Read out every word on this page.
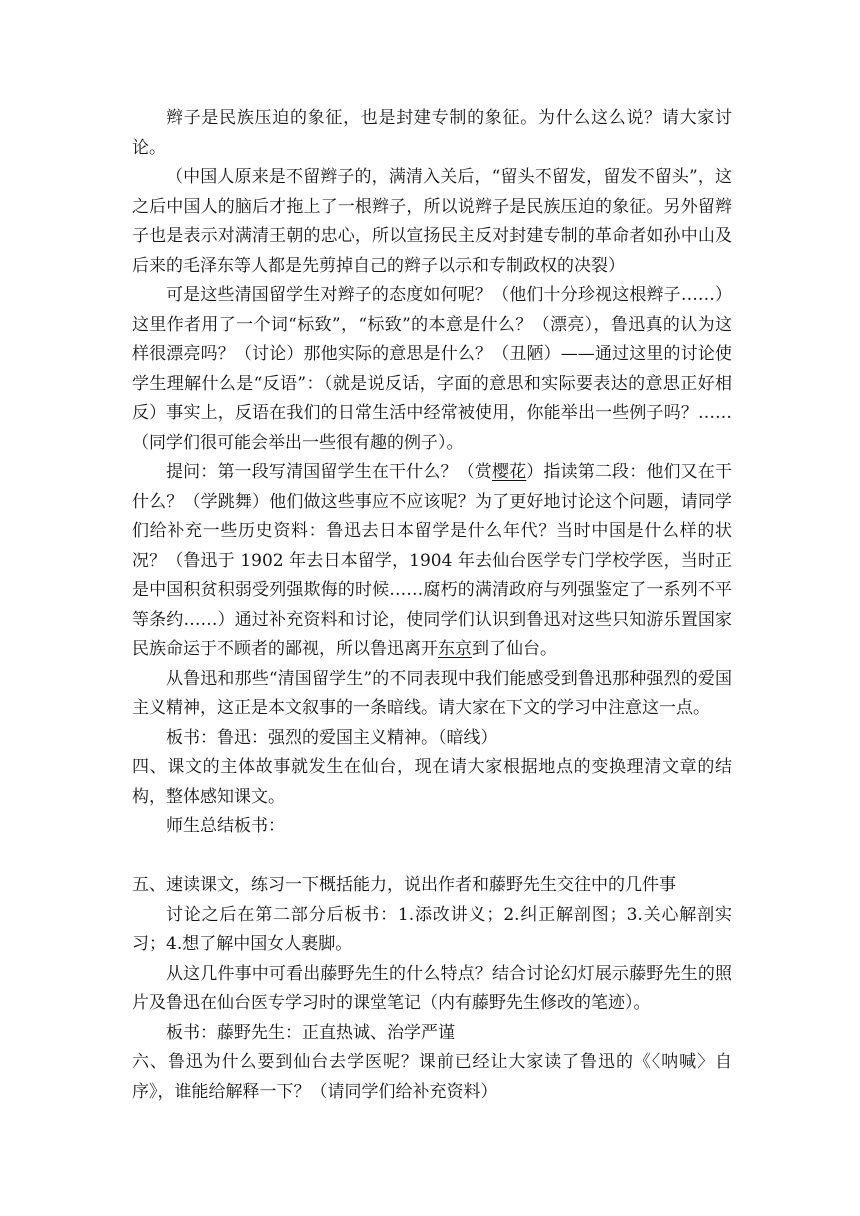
辫子是民族压迫的象征，也是封建专制的象征。为什么这么说？请大家讨论。

（中国人原来是不留辫子的，满清入关后，“留头不留发，留发不留头”，这之后中国人的脑后才拖上了一根辫子，所以说辫子是民族压迫的象征。另外留辫子也是表示对满清王朝的忠心，所以宣扬民主反对封建专制的革命者如孙中山及后来的毛泽东等人都是先剪掉自己的辫子以示和专制政权的决裂）

可是这些清国留学生对辫子的态度如何呢？（他们十分珍视这根辫子……）这里作者用了一个词“标致”，“标致”的本意是什么？（漂亮），鲁迅真的认为这样很漂亮吗？（讨论）那他实际的意思是什么？（丑陋）——通过这里的讨论使学生理解什么是“反语”：（就是说反话，字面的意思和实际要表达的意思正好相反）事实上，反语在我们的日常生活中经常被使用，你能举出一些例子吗？……（同学们很可能会举出一些很有趣的例子）。

提问：第一段写清国留学生在干什么？（赏樱花）指读第二段：他们又在干什么？（学跳舞）他们做这些事应不应该呢？为了更好地讨论这个问题，请同学们给补充一些历史资料：鲁迅去日本留学是什么年代？当时中国是什么样的状况？（鲁迅于 1902 年去日本留学，1904 年去仙台医学专门学校学医，当时正是中国积贫积弱受列强欺侮的时候……腐朽的满清政府与列强鉴定了一系列不平等条约……）通过补充资料和讨论，使同学们认识到鲁迅对这些只知游乐置国家民族命运于不顾者的鄙视，所以鲁迅离开东京到了仙台。

从鲁迅和那些“清国留学生”的不同表现中我们能感受到鲁迅那种强烈的爱国主义精神，这正是本文叙事的一条暗线。请大家在下文的学习中注意这一点。

板书：鲁迅：强烈的爱国主义精神。（暗线）

四、课文的主体故事就发生在仙台，现在请大家根据地点的变换理清文章的结构，整体感知课文。

师生总结板书：

五、速读课文，练习一下概括能力，说出作者和藤野先生交往中的几件事

讨论之后在第二部分后板书：1.添改讲义；2.纠正解剖图；3.关心解剖实习；4.想了解中国女人裹脚。

从这几件事中可看出藤野先生的什么特点？结合讨论幻灯展示藤野先生的照片及鲁迅在仙台医专学习时的课堂笔记（内有藤野先生修改的笔迹）。

板书：藤野先生：正直热诚、治学严谨

六、鲁迅为什么要到仙台去学医呢？课前已经让大家读了鲁迅的《〈呐喊〉自序》，谁能给解释一下？（请同学们给补充资料）
